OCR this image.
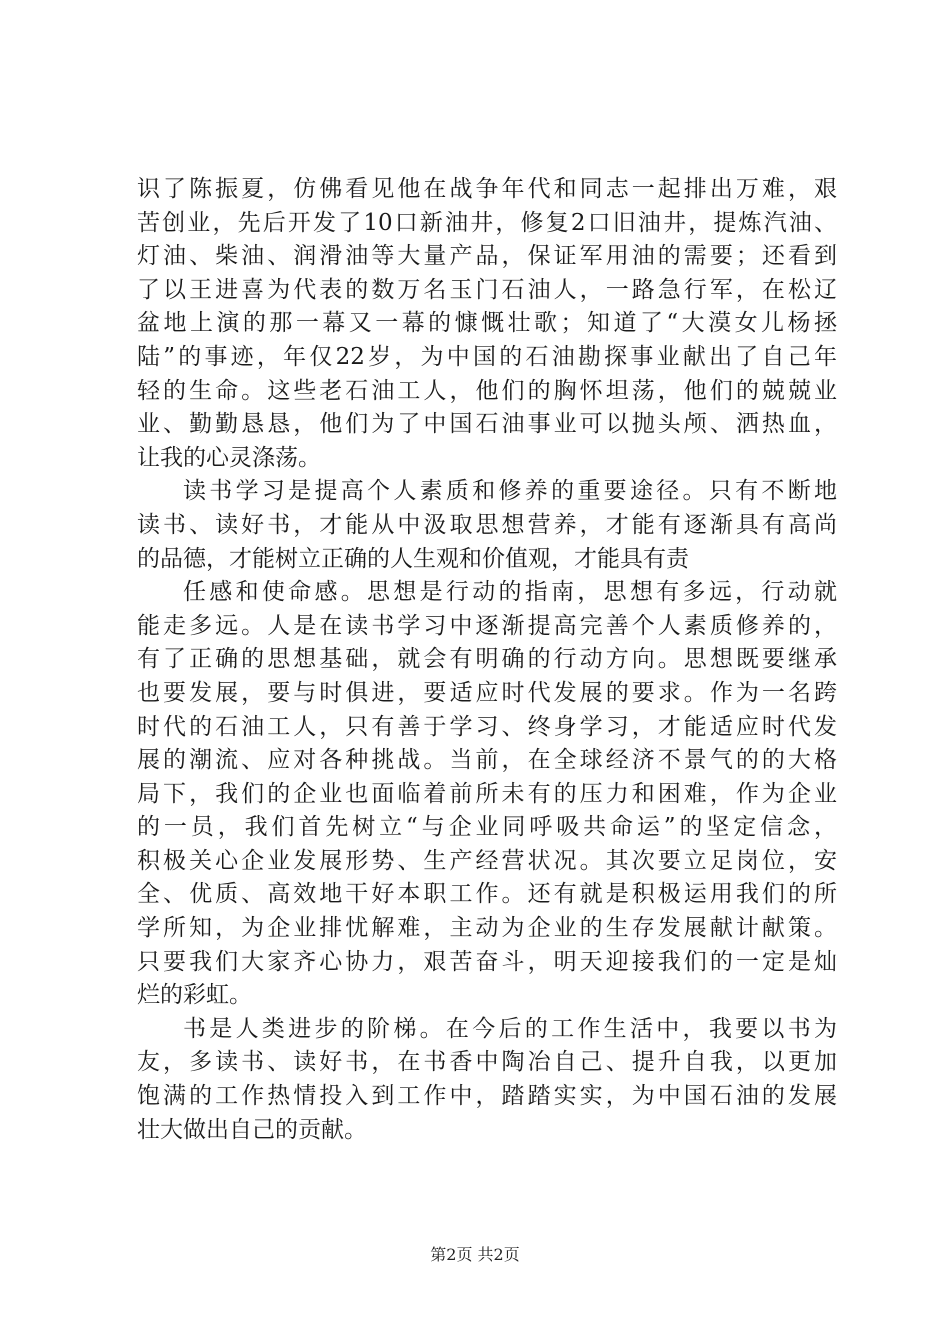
识了陈振夏，仿佛看见他在战争年代和同志一起排出万难，艰
苦创业，先后开发了10口新油井，修复2口旧油井，提炼汽油、
灯油、柴油、润滑油等大量产品，保证军用油的需要；还看到
了以王进喜为代表的数万名玉门石油人，一路急行军，在松辽
盆地上演的那一幕又一幕的慷慨壮歌；知道了“大漠女儿杨拯
陆”的事迹，年仅22岁，为中国的石油勘探事业献出了自己年
轻的生命。这些老石油工人，他们的胸怀坦荡，他们的兢兢业
业、勤勤恳恳，他们为了中国石油事业可以抛头颅、洒热血，
让我的心灵涤荡。
读书学习是提高个人素质和修养的重要途径。只有不断地
读书、读好书，才能从中汲取思想营养，才能有逐渐具有高尚
的品德，才能树立正确的人生观和价值观，才能具有责
任感和使命感。思想是行动的指南，思想有多远，行动就
能走多远。人是在读书学习中逐渐提高完善个人素质修养的，
有了正确的思想基础，就会有明确的行动方向。思想既要继承
也要发展，要与时俱进，要适应时代发展的要求。作为一名跨
时代的石油工人，只有善于学习、终身学习，才能适应时代发
展的潮流、应对各种挑战。当前，在全球经济不景气的的大格
局下，我们的企业也面临着前所未有的压力和困难，作为企业
的一员，我们首先树立“与企业同呼吸共命运”的坚定信念，
积极关心企业发展形势、生产经营状况。其次要立足岗位，安
全、优质、高效地干好本职工作。还有就是积极运用我们的所
学所知，为企业排忧解难，主动为企业的生存发展献计献策。
只要我们大家齐心协力，艰苦奋斗，明天迎接我们的一定是灿
烂的彩虹。
书是人类进步的阶梯。在今后的工作生活中，我要以书为
友，多读书、读好书，在书香中陶冶自己、提升自我，以更加
饱满的工作热情投入到工作中，踏踏实实，为中国石油的发展
壮大做出自己的贡献。
第2页 共2页
